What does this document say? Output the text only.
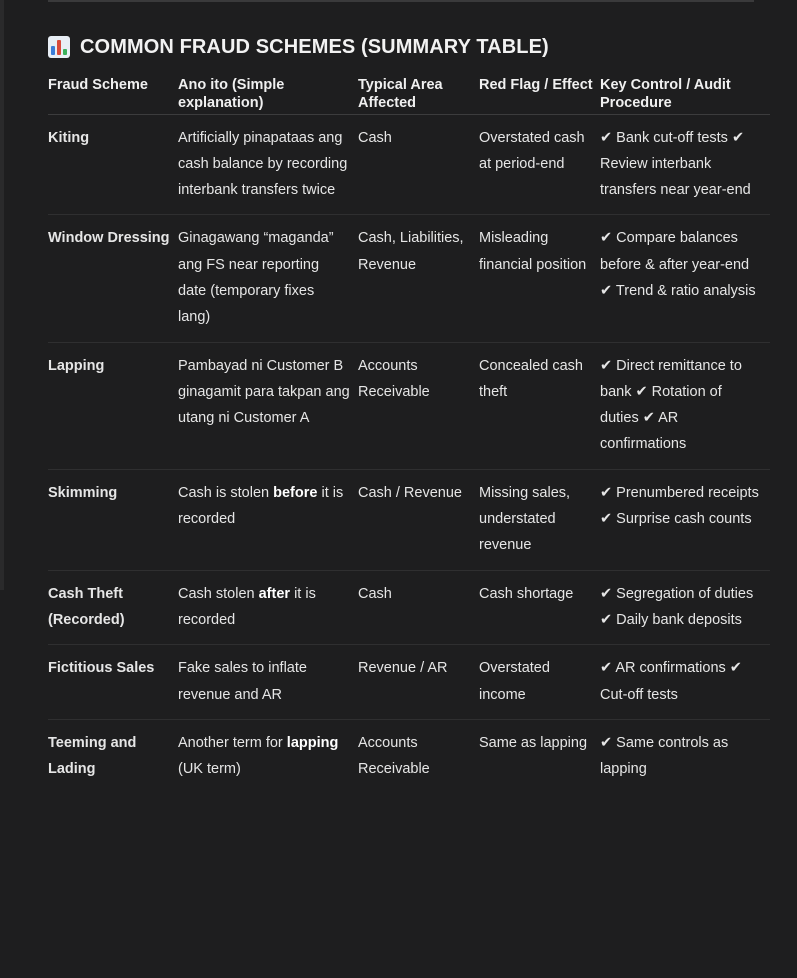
COMMON FRAUD SCHEMES (SUMMARY TABLE)
Fraud Scheme	Ano ito (Simple explanation)	Typical Area Affected	Red Flag / Effect	Key Control / Audit Procedure

Kiting	Artificially pinapataas ang cash balance by recording interbank transfers twice	Cash	Overstated cash at period-end	✔ Bank cut-off tests ✔ Review interbank transfers near year-end

Window Dressing	Ginagawang “maganda” ang FS near reporting date (temporary fixes lang)	Cash, Liabilities, Revenue	Misleading financial position	✔ Compare balances before & after year-end ✔ Trend & ratio analysis

Lapping	Pambayad ni Customer B ginagamit para takpan ang utang ni Customer A	Accounts Receivable	Concealed cash theft	✔ Direct remittance to bank ✔ Rotation of duties ✔ AR confirmations

Skimming	Cash is stolen before it is recorded	Cash / Revenue	Missing sales, understated revenue	✔ Prenumbered receipts ✔ Surprise cash counts

Cash Theft (Recorded)	Cash stolen after it is recorded	Cash	Cash shortage	✔ Segregation of duties ✔ Daily bank deposits

Fictitious Sales	Fake sales to inflate revenue and AR	Revenue / AR	Overstated income	✔ AR confirmations ✔ Cut-off tests

Teeming and Lading	Another term for lapping (UK term)	Accounts Receivable	Same as lapping	✔ Same controls as lapping
